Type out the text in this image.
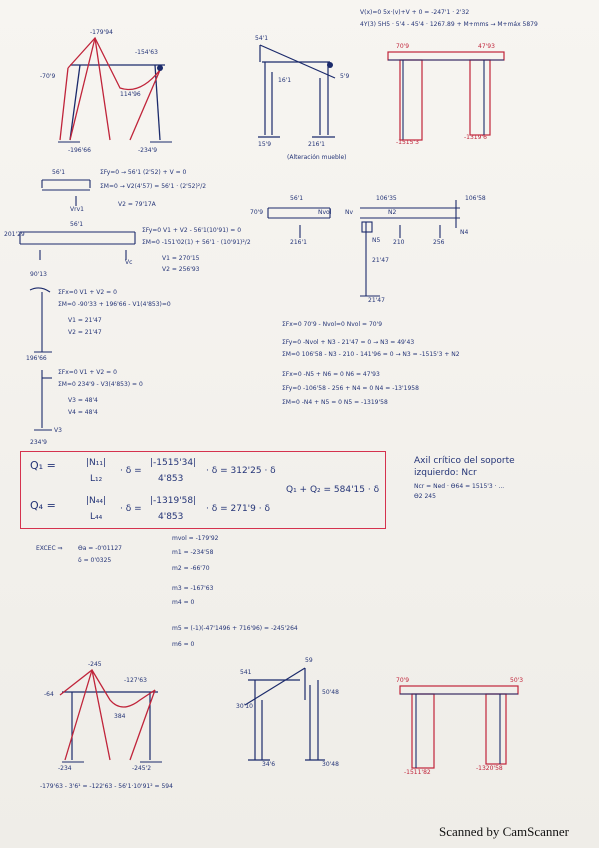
V(x)=0 5x·(v)+V + 0 = -247'1 · 2'32
4Y(3) 5H5 · 5'4 - 45'4 · 1267.89 + M+mms → M+máx 5879
-179'94
-154'63
-70'9
114'96
-196'66	-234'9
54'1
5'9
16'1
15'9	216'1
(Alteración mueble)
70'9	47'93
-1515'3
-1319'6
56'1
Vrv1
ΣFy=0 → 56'1 (2'52) + V = 0
ΣM=0 → V2(4'57) = 56'1 · (2'52)²/2
V2 = 79'17A
56'1
201'29
Vc
ΣFy=0 V1 + V2 - 56'1(10'91) = 0
ΣM=0 -151'02(1) + 56'1 · (10'91)²/2
V1 = 270'15
V2 = 256'93
90'13
ΣFx=0 V1 + V2 = 0
ΣM=0 -90'33 + 196'66 - V1(4'853)=0
V1 = 21'47
V2 = 21'47
196'66
ΣFx=0 V1 + V2 = 0
ΣM=0 234'9 - V3(4'853) = 0
V3 = 48'4
V4 = 48'4
V3
234'9
106'35
56'1	106'58
70'9	Nvol	N2
Nv
N4
N5
216'1	210	256
21'47
21'47
ΣFx=0 70'9 - Nvol=0 Nvol = 70'9
ΣFy=0 -Nvol + N3 - 21'47 = 0 → N3 = 49'43
ΣM=0 106'58 - N3 - 210 - 141'96 = 0 → N3 = -1515'3 + N2
ΣFx=0 -N5 + N6 = 0 N6 = 47'93
ΣFy=0 -106'58 - 256 + N4 = 0 N4 = -13'1958
ΣM=0 -N4 + N5 = 0 N5 = -1319'58
Q₁ =	|N₁₁|
L₁₂
· δ =
|-1515'34|
4'853
· δ = 312'25 · δ
Q₄ =	|N₄₄|
L₄₄
· δ =
|-1319'58|
4'853
· δ = 271'9 · δ
Q₁ + Q₂ = 584'15 · δ
Axil crítico del soporte
izquierdo: Ncr
Ncr = Ned · Ѳ64 = 1515'3 · ...
Ѳ2 245
EXCEC ⇒	Ѳa = -0'01127
δ = 0'0325
mvol = -179'92
m1 = -234'58
m2 = -66'70
m3 = -167'63
m4 = 0
m5 = (-1)(-47'1496 + 716'96) = -245'264
m6 = 0
-245
-64
-127'63
384
-234	-245'2
-179'63 - 3'6¹ = -122'63 - 56'1·10'91² = 594
541
59
30'10
50'48
34'6	30'48
70'9	50'3
-1511'82
-1320'58
Scanned by CamScanner
